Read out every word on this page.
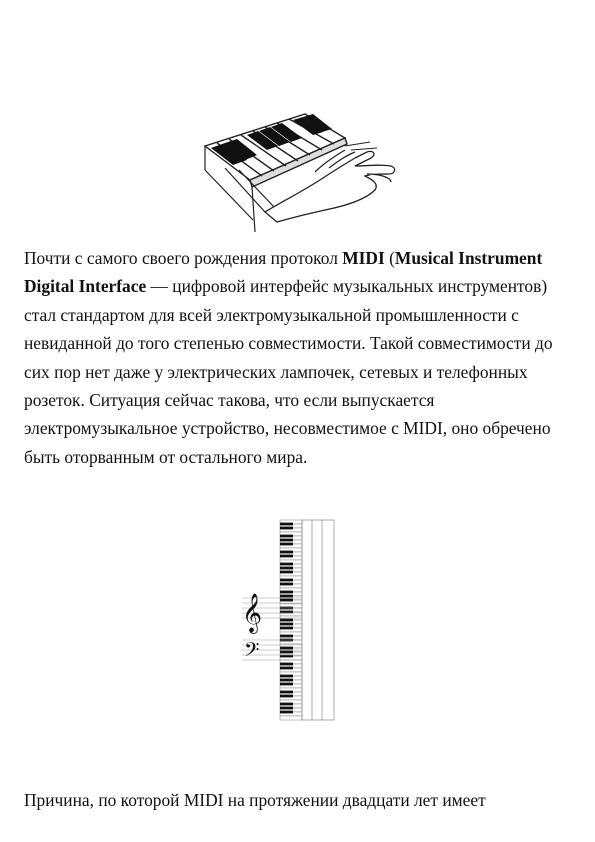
Почти с самого своего рождения протокол MIDI (Musical Instrument Digital Interface — цифровой интерфейс музыкальных инструментов) стал стандартом для всей электромузыкальной промышленности с невиданной до того степенью совместимости. Такой совместимости до сих пор нет даже у электрических лампочек, сетевых и телефонных розеток. Ситуация сейчас такова, что если выпускается электромузыкальное устройство, несовместимое с MIDI, оно обречено быть оторванным от остального мира.

𝄞
𝄢

Причина, по которой MIDI на протяжении двадцати лет имеет
